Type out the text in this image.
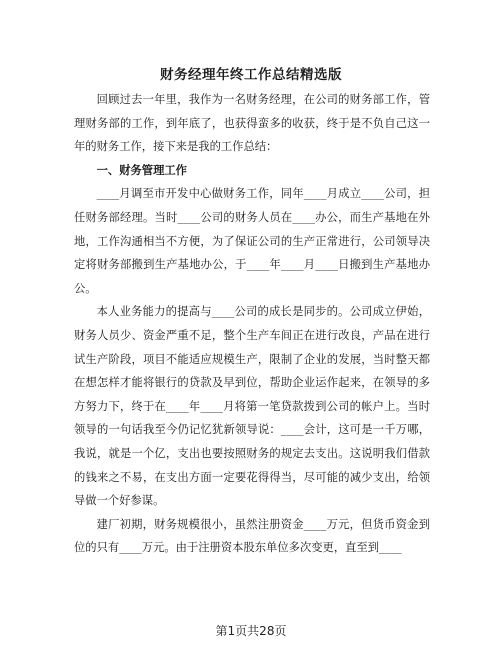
财务经理年终工作总结精选版

回顾过去一年里，我作为一名财务经理，在公司的财务部工作，管理财务部的工作，到年底了，也获得蛮多的收获，终于是不负自己这一年的财务工作，接下来是我的工作总结：

一、财务管理工作

____月调至市开发中心做财务工作，同年____月成立____公司，担任财务部经理。当时____公司的财务人员在____办公，而生产基地在外地，工作沟通相当不方便，为了保证公司的生产正常进行，公司领导决定将财务部搬到生产基地办公，于____年____月____日搬到生产基地办公。

本人业务能力的提高与____公司的成长是同步的。公司成立伊始，财务人员少、资金严重不足，整个生产车间正在进行改良，产品在进行试生产阶段，项目不能适应规模生产，限制了企业的发展，当时整天都在想怎样才能将银行的贷款及早到位，帮助企业运作起来，在领导的多方努力下，终于在____年____月将第一笔贷款拨到公司的帐户上。当时领导的一句话我至今仍记忆犹新领导说：____会计，这可是一千万哪，我说，就是一个亿，支出也要按照财务的规定去支出。这说明我们借款的钱来之不易，在支出方面一定要花得得当，尽可能的减少支出，给领导做一个好参谋。

建厂初期，财务规模很小，虽然注册资金____万元，但货币资金到位的只有____万元。由于注册资本股东单位多次变更，直至到____

第1页共28页
